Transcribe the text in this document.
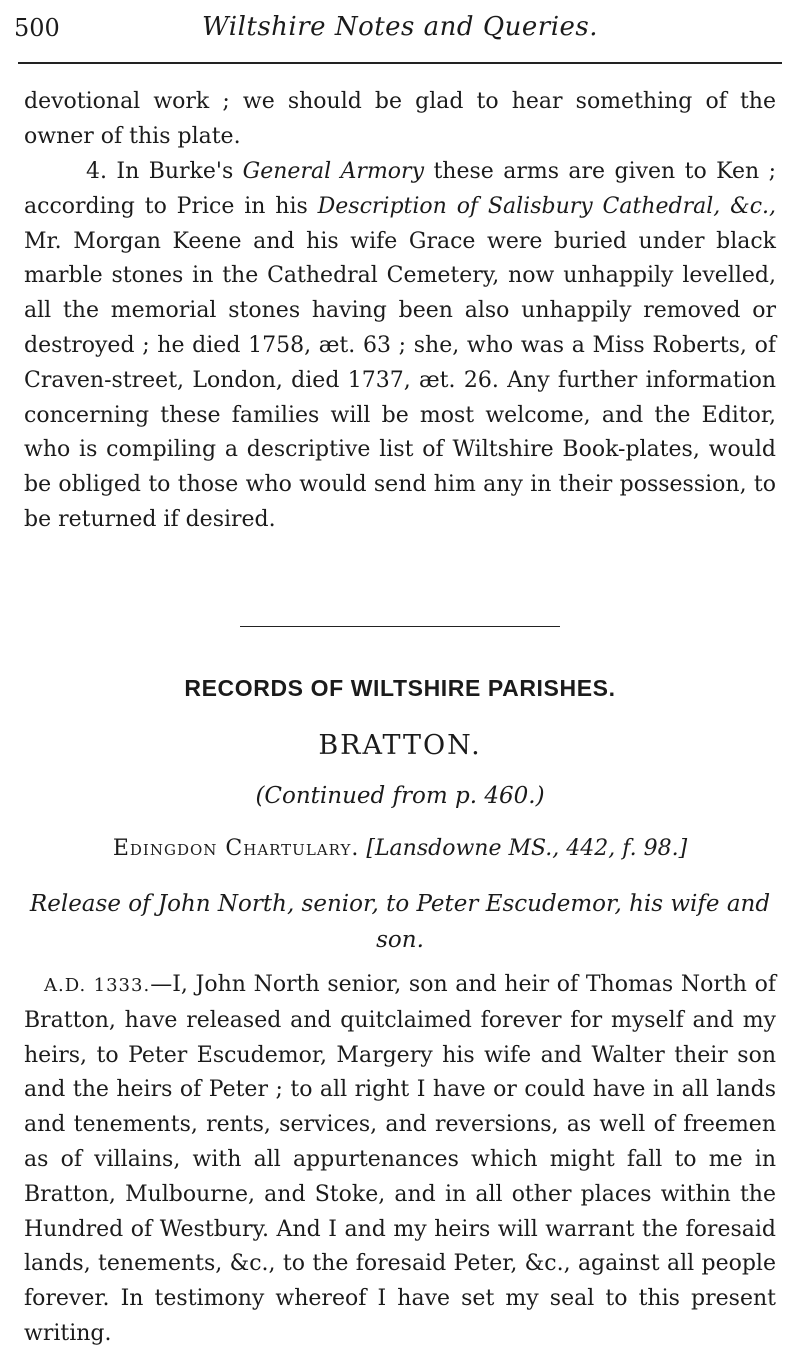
500	Wiltshire Notes and Queries.

devotional work ; we should be glad to hear something of the owner of this plate.

4. In Burke's General Armory these arms are given to Ken ; according to Price in his Description of Salisbury Cathedral, &c., Mr. Morgan Keene and his wife Grace were buried under black marble stones in the Cathedral Cemetery, now unhappily levelled, all the memorial stones having been also unhappily removed or destroyed ; he died 1758, æt. 63 ; she, who was a Miss Roberts, of Craven-street, London, died 1737, æt. 26. Any further information concerning these families will be most welcome, and the Editor, who is compiling a descriptive list of Wiltshire Book-plates, would be obliged to those who would send him any in their possession, to be returned if desired.

RECORDS OF WILTSHIRE PARISHES.
BRATTON.
(Continued from p. 460.)
Edingdon Chartulary. [Lansdowne MS., 442, f. 98.]

Release of John North, senior, to Peter Escudemor, his wife and son.

A.D. 1333.—I, John North senior, son and heir of Thomas North of Bratton, have released and quitclaimed forever for myself and my heirs, to Peter Escudemor, Margery his wife and Walter their son and the heirs of Peter ; to all right I have or could have in all lands and tenements, rents, services, and reversions, as well of freemen as of villains, with all appurtenances which might fall to me in Bratton, Mulbourne, and Stoke, and in all other places within the Hundred of Westbury. And I and my heirs will warrant the foresaid lands, tenements, &c., to the foresaid Peter, &c., against all people forever. In testimony whereof I have set my seal to this present writing.
